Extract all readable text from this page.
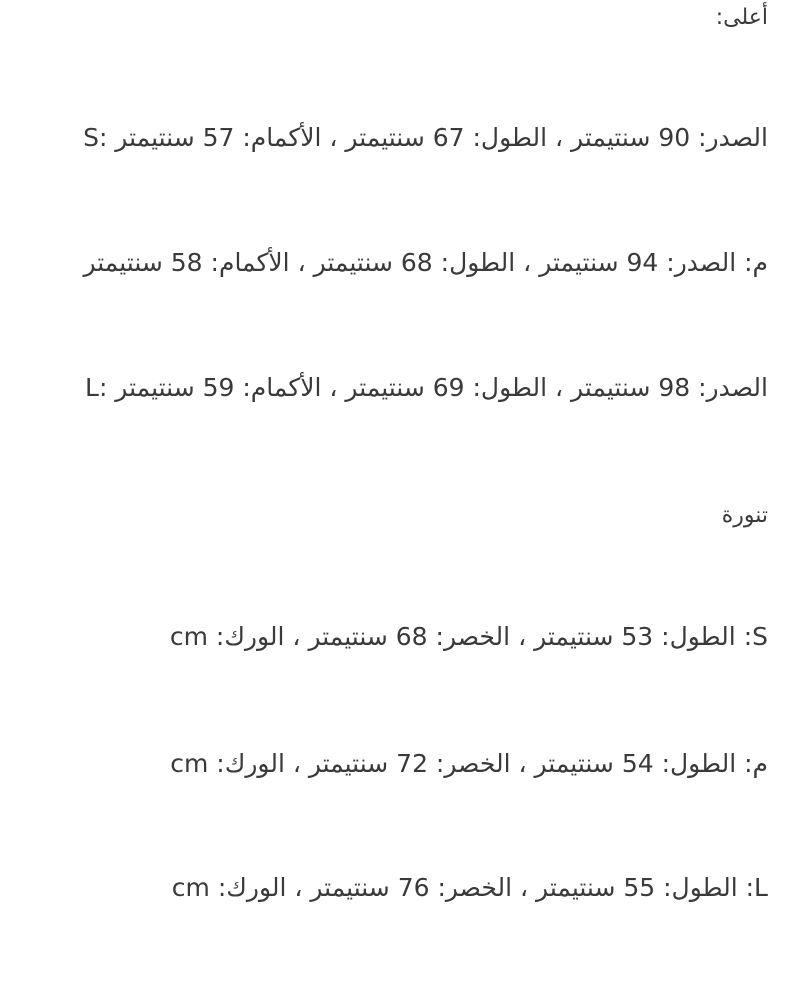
أعلى:

الصدر: 90 سنتيمتر ، الطول: 67 سنتيمتر ، الأكمام: 57 سنتيمتر :S

م: الصدر: 94 سنتيمتر ، الطول: 68 سنتيمتر ، الأكمام: 58 سنتيمتر

الصدر: 98 سنتيمتر ، الطول: 69 سنتيمتر ، الأكمام: 59 سنتيمتر :L

تنورة

cm :الطول: 53 سنتيمتر ، الخصر: 68 سنتيمتر ، الورك :S

م: الطول: 54 سنتيمتر ، الخصر: 72 سنتيمتر ، الورك: cm

cm :الطول: 55 سنتيمتر ، الخصر: 76 سنتيمتر ، الورك :L
